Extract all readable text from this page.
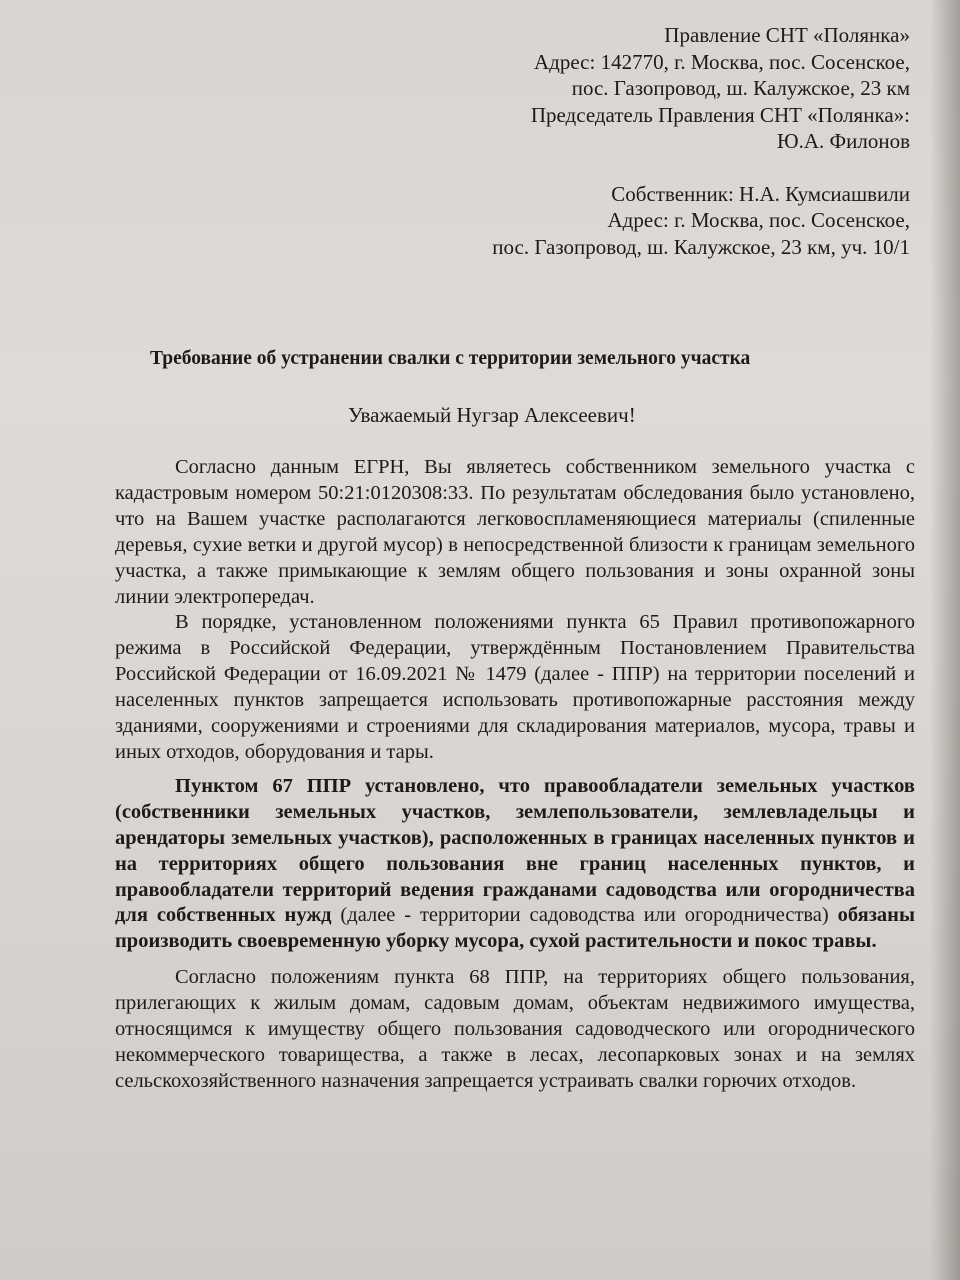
Правление СНТ «Полянка»
Адрес: 142770, г. Москва, пос. Сосенское,
пос. Газопровод, ш. Калужское, 23 км
Председатель Правления СНТ «Полянка»:
Ю.А. Филонов
Собственник: Н.А. Кумсиашвили
Адрес: г. Москва, пос. Сосенское,
пос. Газопровод, ш. Калужское, 23 км, уч. 10/1
Требование об устранении свалки с территории земельного участка
Уважаемый Нугзар Алексеевич!

Согласно данным ЕГРН, Вы являетесь собственником земельного участка с кадастровым номером 50:21:0120308:33. По результатам обследования было установлено, что на Вашем участке располагаются легковоспламеняющиеся материалы (спиленные деревья, сухие ветки и другой мусор) в непосредственной близости к границам земельного участка, а также примыкающие к землям общего пользования и зоны охранной зоны линии электропередач.

В порядке, установленном положениями пункта 65 Правил противопожарного режима в Российской Федерации, утверждённым Постановлением Правительства Российской Федерации от 16.09.2021 № 1479 (далее - ППР) на территории поселений и населенных пунктов запрещается использовать противопожарные расстояния между зданиями, сооружениями и строениями для складирования материалов, мусора, травы и иных отходов, оборудования и тары.

Пунктом 67 ППР установлено, что правообладатели земельных участков (собственники земельных участков, землепользователи, землевладельцы и арендаторы земельных участков), расположенных в границах населенных пунктов и на территориях общего пользования вне границ населенных пунктов, и правообладатели территорий ведения гражданами садоводства или огородничества для собственных нужд (далее - территории садоводства или огородничества) обязаны производить своевременную уборку мусора, сухой растительности и покос травы.

Согласно положениям пункта 68 ППР, на территориях общего пользования, прилегающих к жилым домам, садовым домам, объектам недвижимого имущества, относящимся к имуществу общего пользования садоводческого или огороднического некоммерческого товарищества, а также в лесах, лесопарковых зонах и на землях сельскохозяйственного назначения запрещается устраивать свалки горючих отходов.
